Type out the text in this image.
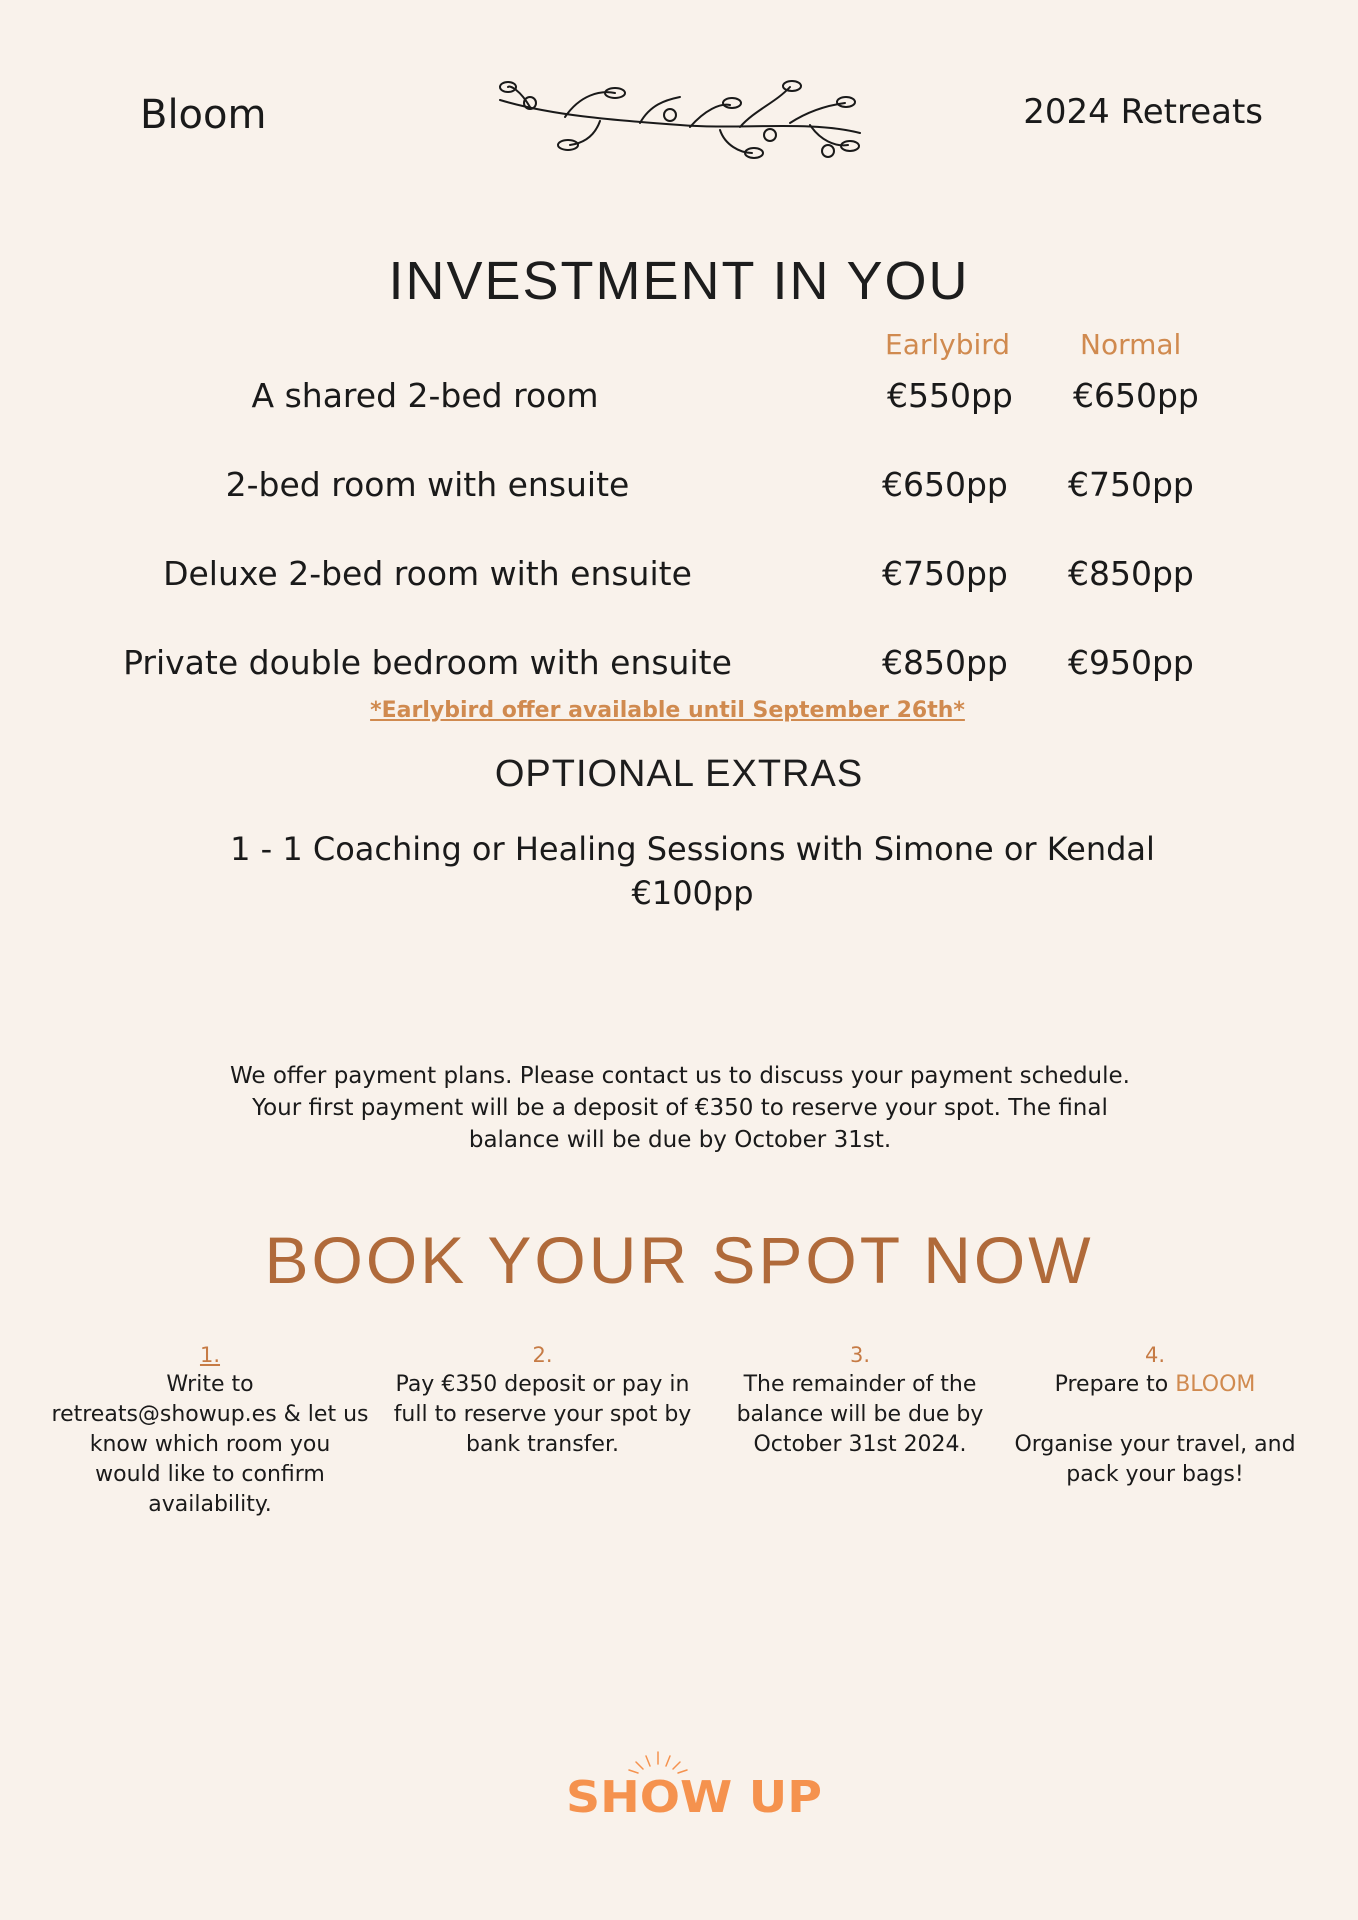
Bloom	2024 Retreats
INVESTMENT IN YOU
Earlybird Normal
A shared 2-bed room	€550pp €650pp
2-bed room with ensuite	€650pp €750pp
Deluxe 2-bed room with ensuite	€750pp €850pp
Private double bedroom with ensuite	€850pp €950pp
*Earlybird offer available until September 26th*
OPTIONAL EXTRAS
1 - 1 Coaching or Healing Sessions with Simone or Kendal
€100pp
We offer payment plans. Please contact us to discuss your payment schedule.
Your first payment will be a deposit of €350 to reserve your spot. The final
balance will be due by October 31st.
BOOK YOUR SPOT NOW
1.
Write to
retreats@showup.es & let us
know which room you
would like to confirm
availability.
2.
Pay €350 deposit or pay in
full to reserve your spot by
bank transfer.
3.
The remainder of the
balance will be due by
October 31st 2024.
4.
Prepare to BLOOM
Organise your travel, and
pack your bags!
SHOW UP
